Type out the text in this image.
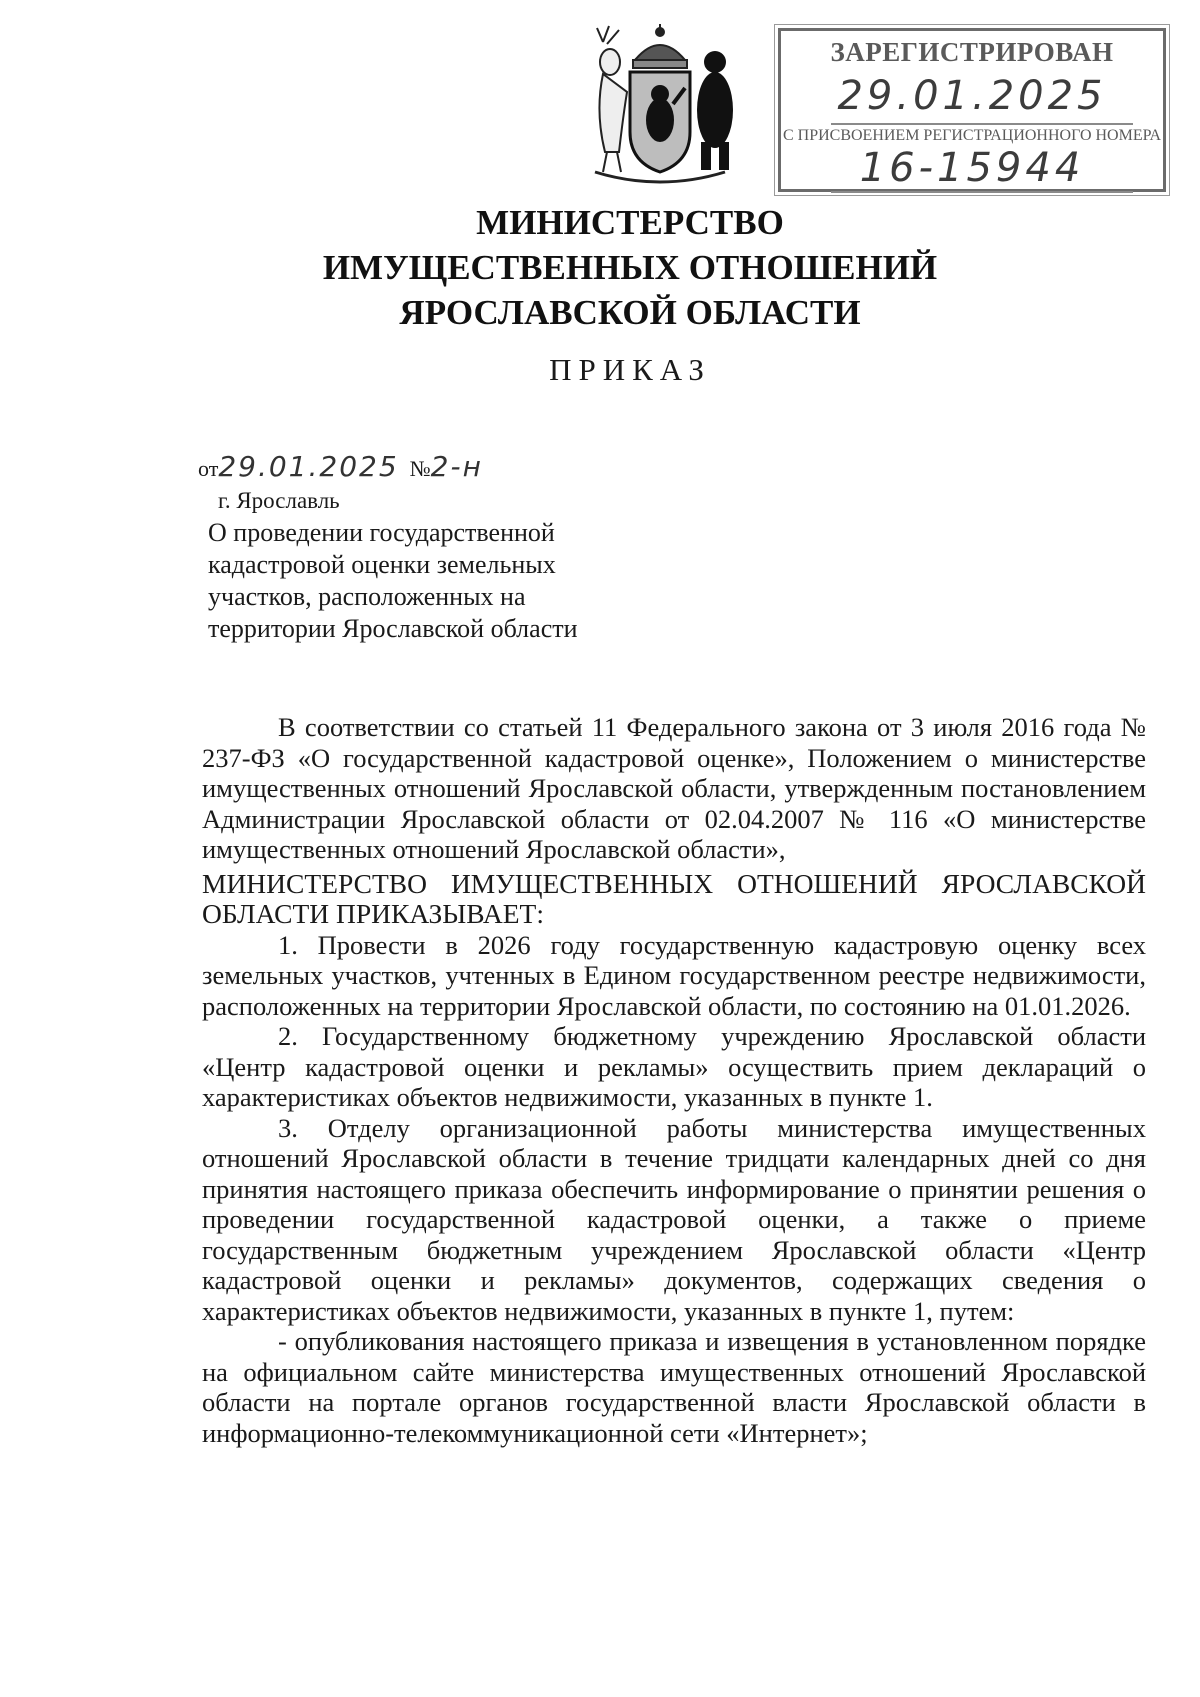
ЗАРЕГИСТРИРОВАН
29.01.2025
С ПРИСВОЕНИЕМ РЕГИСТРАЦИОННОГО НОМЕРА
16-15944
МИНИСТЕРСТВО
ИМУЩЕСТВЕННЫХ ОТНОШЕНИЙ
ЯРОСЛАВСКОЙ ОБЛАСТИ
ПРИКАЗ
от29.01.2025 №2-н
г. Ярославль
О проведении государственной
кадастровой оценки земельных
участков, расположенных на
территории Ярославской области

В соответствии со статьей 11 Федерального закона от 3 июля 2016 года № 237-ФЗ «О государственной кадастровой оценке», Положением о министерстве имущественных отношений Ярославской области, утвержденным постановлением Администрации Ярославской области от 02.04.2007 № 116 «О министерстве имущественных отношений Ярославской области»,

МИНИСТЕРСТВО ИМУЩЕСТВЕННЫХ ОТНОШЕНИЙ ЯРОСЛАВСКОЙ ОБЛАСТИ ПРИКАЗЫВАЕТ:

1. Провести в 2026 году государственную кадастровую оценку всех земельных участков, учтенных в Едином государственном реестре недвижимости, расположенных на территории Ярославской области, по состоянию на 01.01.2026.

2. Государственному бюджетному учреждению Ярославской области «Центр кадастровой оценки и рекламы» осуществить прием деклараций о характеристиках объектов недвижимости, указанных в пункте 1.

3. Отделу организационной работы министерства имущественных отношений Ярославской области в течение тридцати календарных дней со дня принятия настоящего приказа обеспечить информирование о принятии решения о проведении государственной кадастровой оценки, а также о приеме государственным бюджетным учреждением Ярославской области «Центр кадастровой оценки и рекламы» документов, содержащих сведения о характеристиках объектов недвижимости, указанных в пункте 1, путем:

- опубликования настоящего приказа и извещения в установленном порядке на официальном сайте министерства имущественных отношений Ярославской области на портале органов государственной власти Ярославской области в информационно-телекоммуникационной сети «Интернет»;
